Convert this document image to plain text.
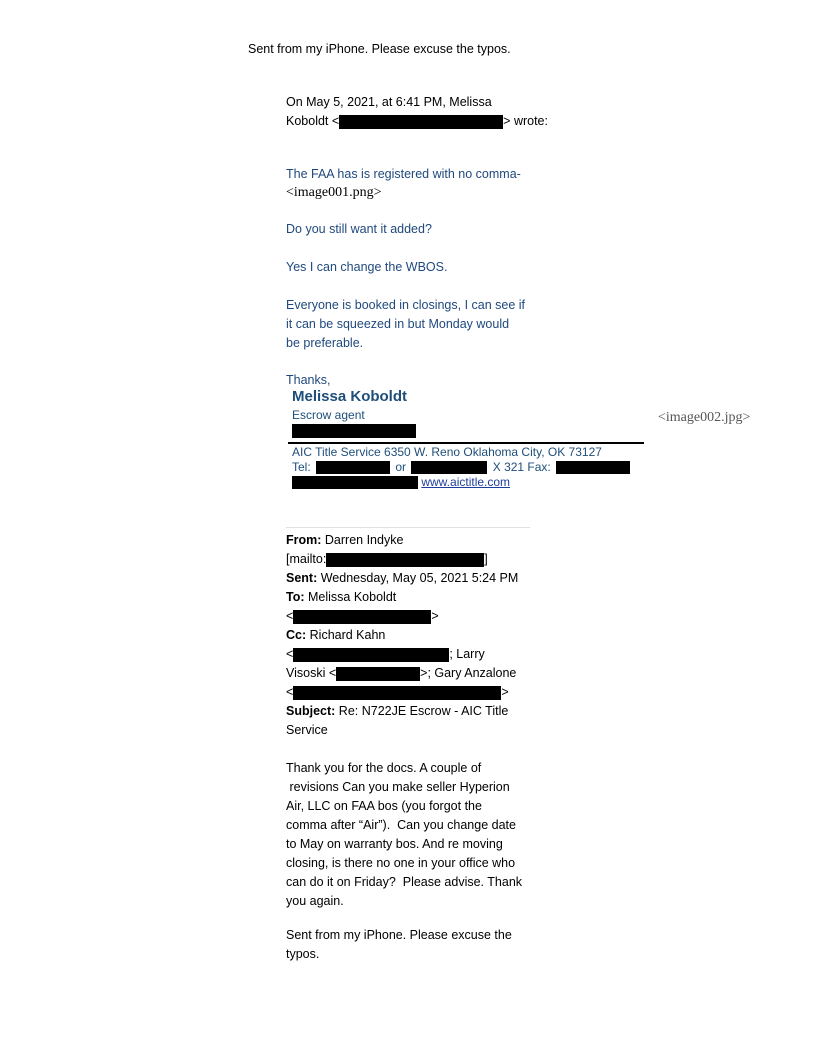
Sent from my iPhone. Please excuse the typos.
On May 5, 2021, at 6:41 PM, Melissa
Koboldt <	> wrote:
The FAA has is registered with no comma-
<image001.png>
Do you still want it added?
Yes I can change the WBOS.
Everyone is booked in closings, I can see if
it can be squeezed in but Monday would
be preferable.
Thanks,
Melissa Koboldt
Escrow agent	<image002.jpg>
AIC Title Service 6350 W. Reno Oklahoma City, OK 73127
Tel:	or	X 321 Fax:
www.aictitle.com
From: Darren Indyke
[mailto:	]
Sent: Wednesday, May 05, 2021 5:24 PM
To: Melissa Koboldt
<	>
Cc: Richard Kahn
<	; Larry
Visoski <	>; Gary Anzalone
<	>
Subject: Re: N722JE Escrow - AIC Title
Service
Thank you for the docs. A couple of
revisions Can you make seller Hyperion
Air, LLC on FAA bos (you forgot the
comma after “Air”).  Can you change date
to May on warranty bos. And re moving
closing, is there no one in your office who
can do it on Friday?  Please advise. Thank
you again.
Sent from my iPhone. Please excuse the
typos.
